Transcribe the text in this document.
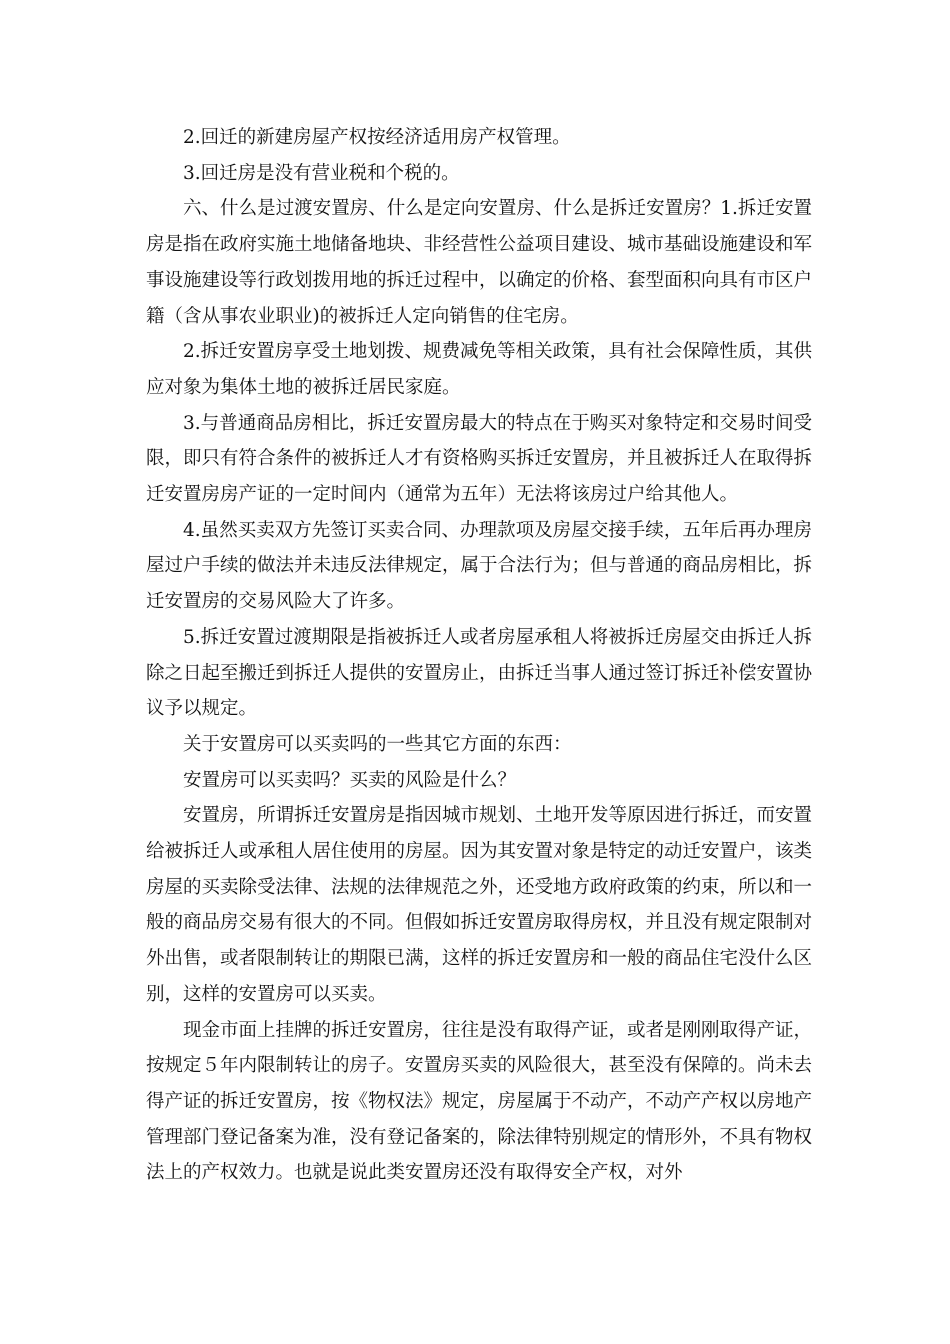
2.回迁的新建房屋产权按经济适用房产权管理。

3.回迁房是没有营业税和个税的。

六、什么是过渡安置房、什么是定向安置房、什么是拆迁安置房？1.拆迁安置房是指在政府实施土地储备地块、非经营性公益项目建设、城市基础设施建设和军事设施建设等行政划拨用地的拆迁过程中，以确定的价格、套型面积向具有市区户籍（含从事农业职业)的被拆迁人定向销售的住宅房。

2.拆迁安置房享受土地划拨、规费减免等相关政策，具有社会保障性质，其供应对象为集体土地的被拆迁居民家庭。

3.与普通商品房相比，拆迁安置房最大的特点在于购买对象特定和交易时间受限，即只有符合条件的被拆迁人才有资格购买拆迁安置房，并且被拆迁人在取得拆迁安置房房产证的一定时间内（通常为五年）无法将该房过户给其他人。

4.虽然买卖双方先签订买卖合同、办理款项及房屋交接手续，五年后再办理房屋过户手续的做法并未违反法律规定，属于合法行为；但与普通的商品房相比，拆迁安置房的交易风险大了许多。

5.拆迁安置过渡期限是指被拆迁人或者房屋承租人将被拆迁房屋交由拆迁人拆除之日起至搬迁到拆迁人提供的安置房止，由拆迁当事人通过签订拆迁补偿安置协议予以规定。

关于安置房可以买卖吗的一些其它方面的东西：

安置房可以买卖吗？买卖的风险是什么？

安置房，所谓拆迁安置房是指因城市规划、土地开发等原因进行拆迁，而安置给被拆迁人或承租人居住使用的房屋。因为其安置对象是特定的动迁安置户，该类房屋的买卖除受法律、法规的法律规范之外，还受地方政府政策的约束，所以和一般的商品房交易有很大的不同。但假如拆迁安置房取得房权，并且没有规定限制对外出售，或者限制转让的期限已满，这样的拆迁安置房和一般的商品住宅没什么区别，这样的安置房可以买卖。

现金市面上挂牌的拆迁安置房，往往是没有取得产证，或者是刚刚取得产证，按规定５年内限制转让的房子。安置房买卖的风险很大，甚至没有保障的。尚未去得产证的拆迁安置房，按《物权法》规定，房屋属于不动产，不动产产权以房地产管理部门登记备案为准，没有登记备案的，除法律特别规定的情形外，不具有物权法上的产权效力。也就是说此类安置房还没有取得安全产权，对外
